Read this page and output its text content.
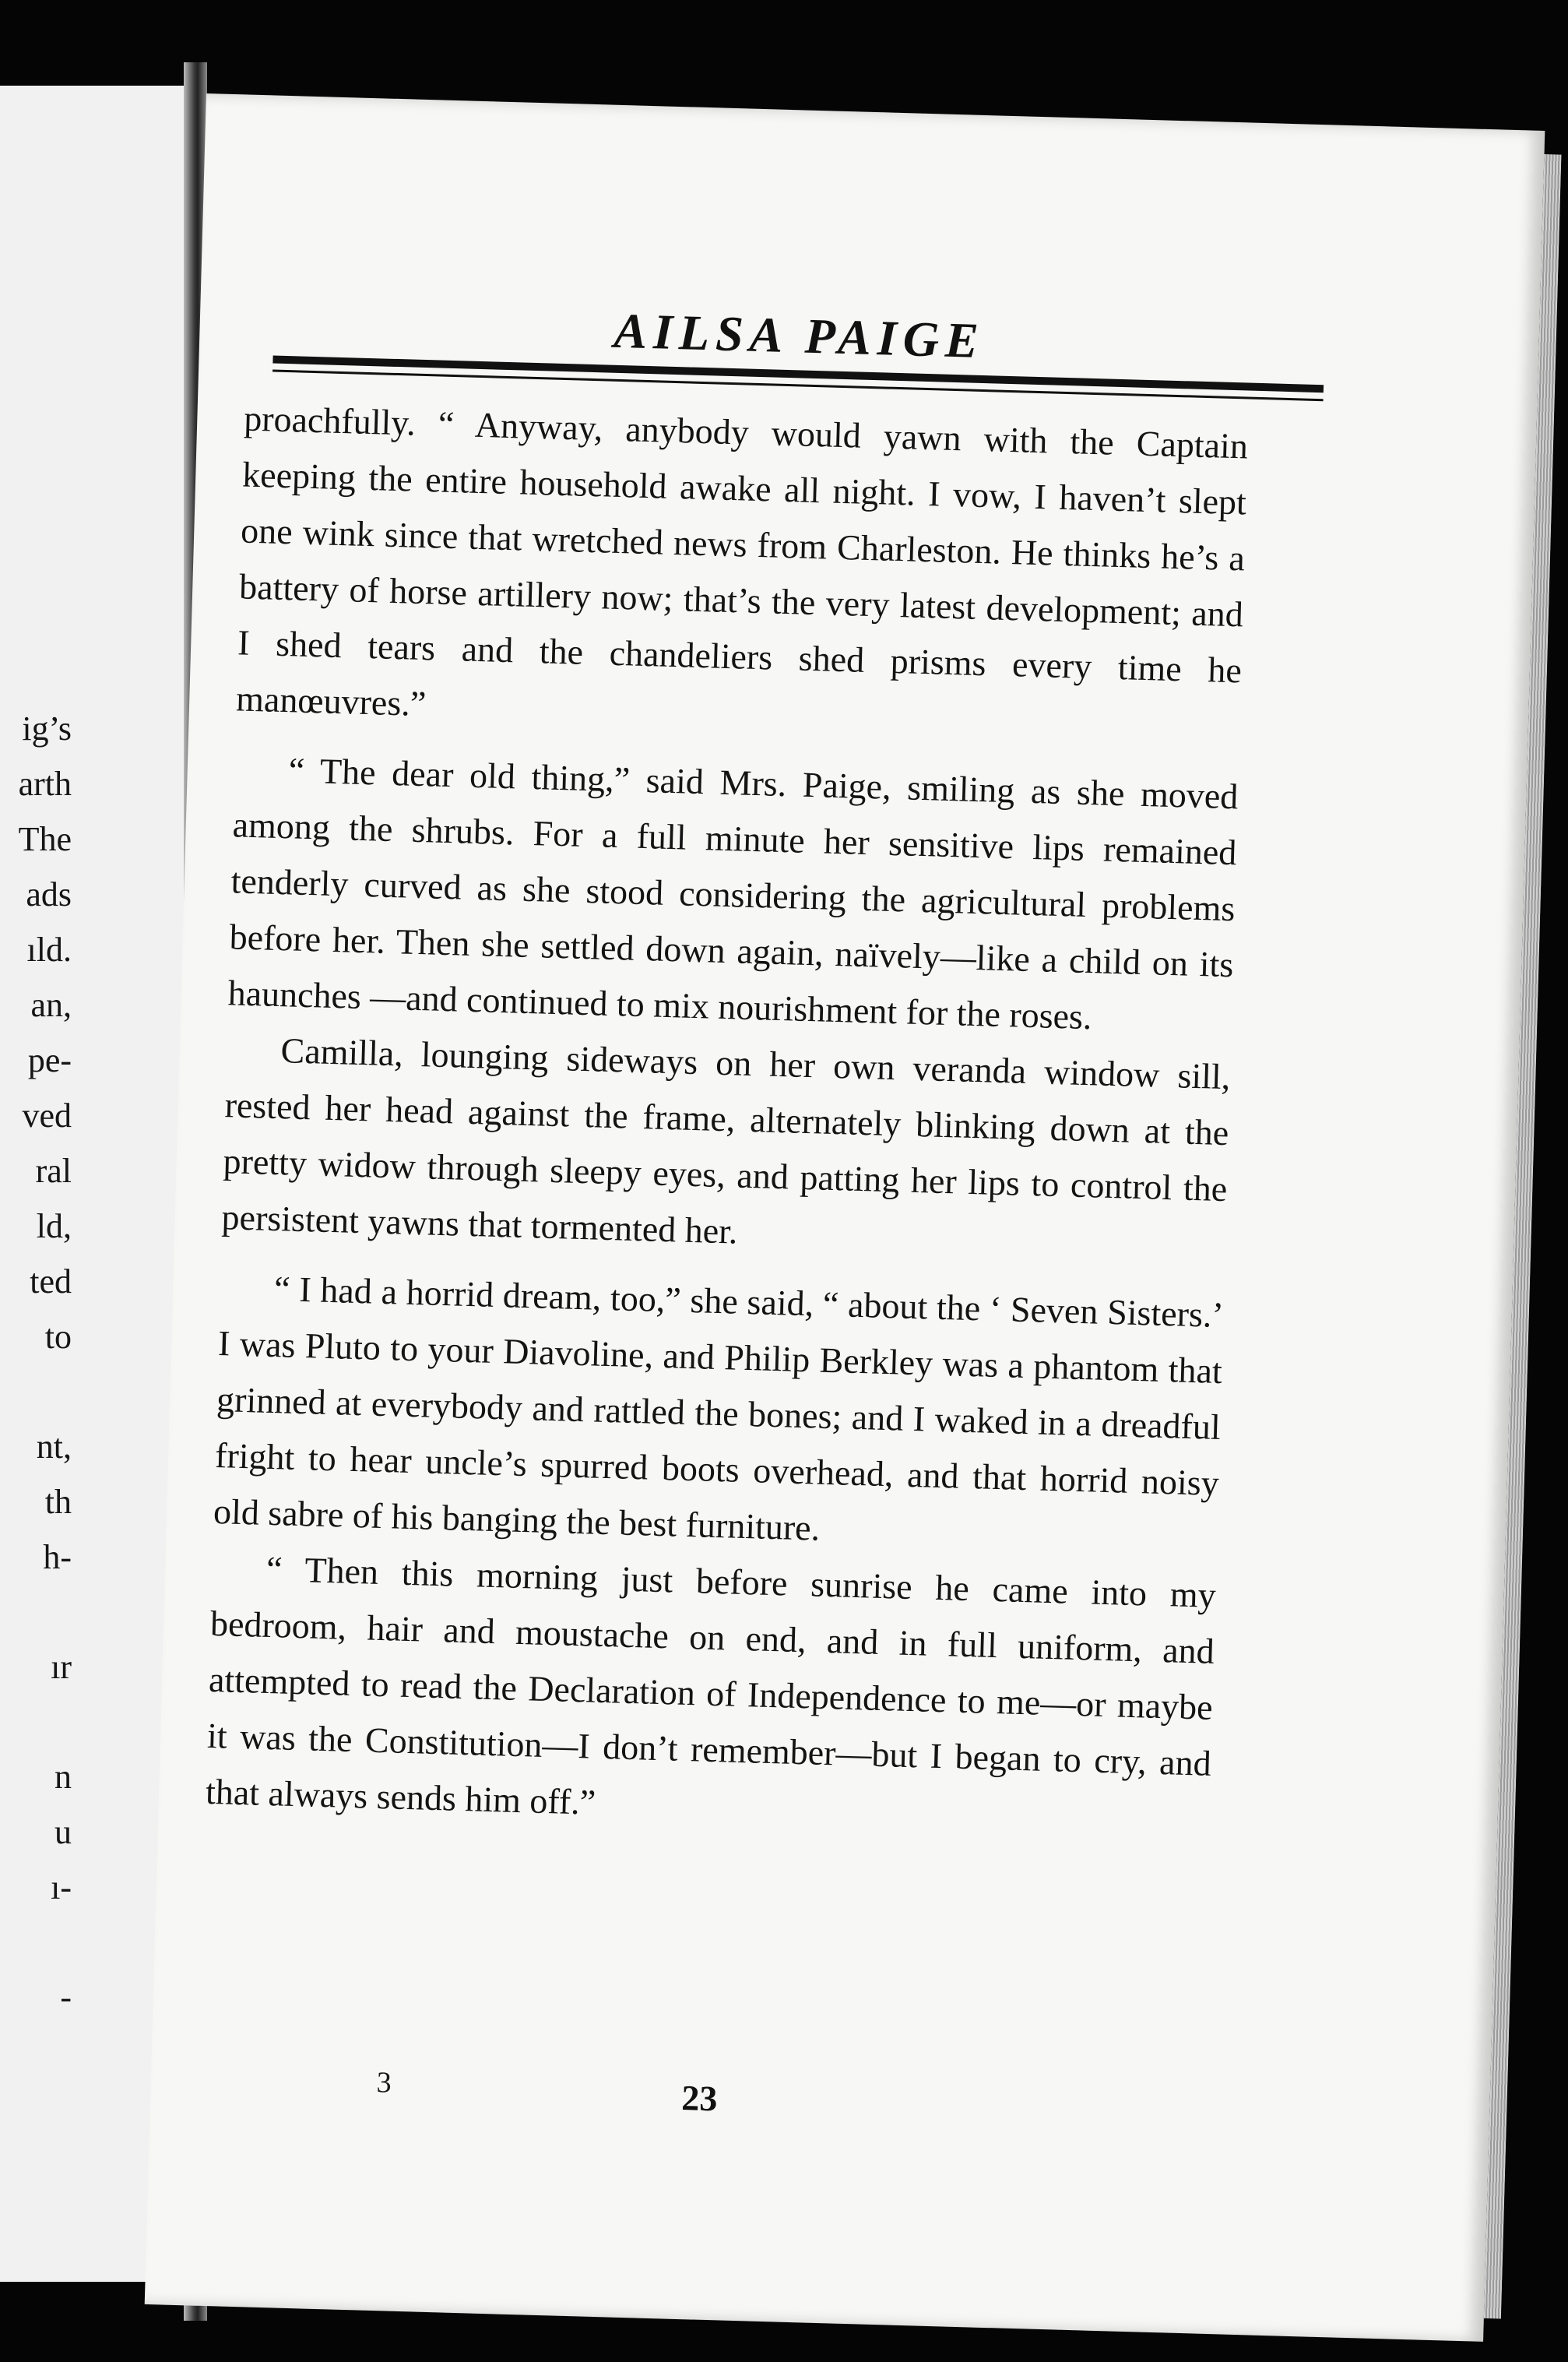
ig’s
arth
The
ads
ıld.
an,
pe-
ved
ral
ld,
ted
to
nt,
th
h-
ır
n
u
ı-
-
AILSA PAIGE

proachfully. “ Anyway, anybody would yawn with the Captain keeping the entire household awake all night. I vow, I haven’t slept one wink since that wretched news from Charleston. He thinks he’s a battery of horse artillery now; that’s the very latest development; and I shed tears and the chandeliers shed prisms every time he manœuvres.”

“ The dear old thing,” said Mrs. Paige, smiling as she moved among the shrubs. For a full minute her sensitive lips remained tenderly curved as she stood considering the agricultural problems before her. Then she settled down again, naïvely—like a child on its haunches —and continued to mix nourishment for the roses.

Camilla, lounging sideways on her own veranda window sill, rested her head against the frame, alternately blinking down at the pretty widow through sleepy eyes, and patting her lips to control the persistent yawns that tormented her.

“ I had a horrid dream, too,” she said, “ about the ‘ Seven Sisters.’ I was Pluto to your Diavoline, and Philip Berkley was a phantom that grinned at everybody and rattled the bones; and I waked in a dreadful fright to hear uncle’s spurred boots overhead, and that horrid noisy old sabre of his banging the best furniture.

“ Then this morning just before sunrise he came into my bedroom, hair and moustache on end, and in full uniform, and attempted to read the Declaration of Independence to me—or maybe it was the Constitution—I don’t remember—but I began to cry, and that always sends him off.”

3	23
